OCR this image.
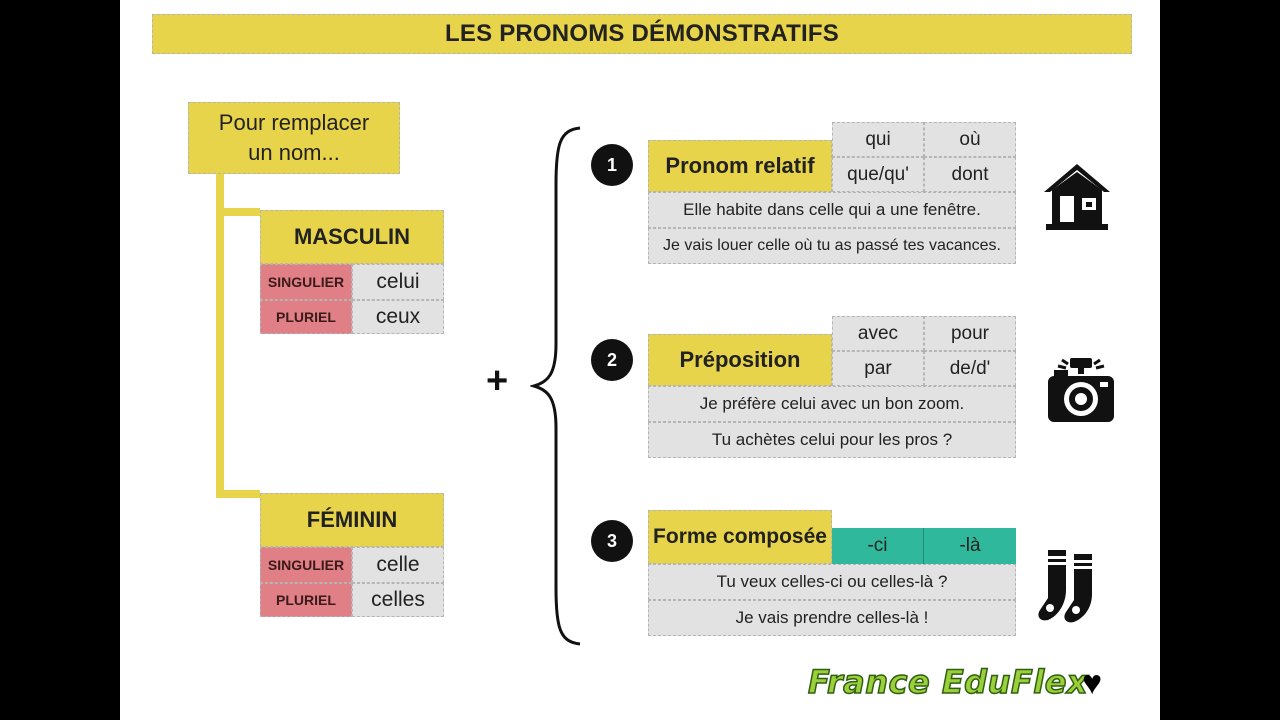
LES PRONOMS DÉMONSTRATIFS
Pour remplacer
un nom...
MASCULIN
SINGULIER	celui
PLURIEL	ceux
FÉMININ
SINGULIER	celle
PLURIEL	celles
+
1	Pronom relatif
qui	où
que/qu'	dont
Elle habite dans celle qui a une fenêtre.
Je vais louer celle où tu as passé tes vacances.
2	Préposition
avec	pour
par	de/d'
Je préfère celui avec un bon zoom.
Tu achètes celui pour les pros ?
3	Forme composée	-ci	-là
Tu veux celles-ci ou celles-là ?
Je vais prendre celles-là !
France EduFlex
♥
